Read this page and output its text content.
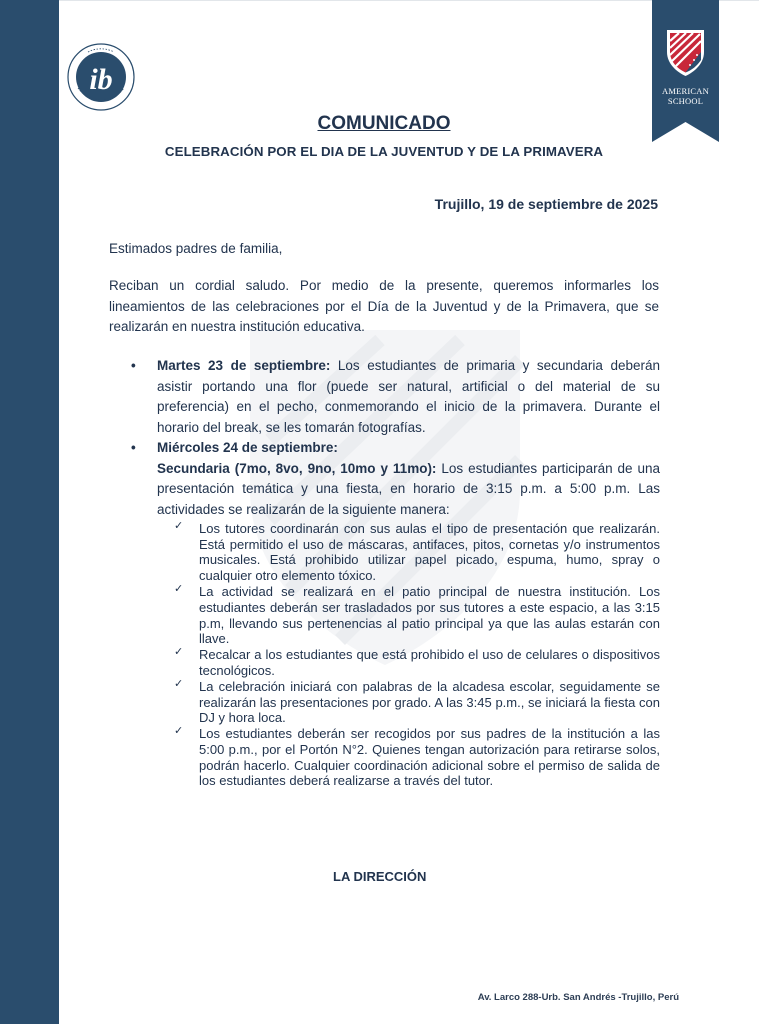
ib	AMERICAN
SCHOOL
COMUNICADO
CELEBRACIÓN POR EL DIA DE LA JUVENTUD Y DE LA PRIMAVERA
Trujillo, 19 de septiembre de 2025
Estimados padres de familia,
Reciban un cordial saludo. Por medio de la presente, queremos informarles los lineamientos de las celebraciones por el Día de la Juventud y de la Primavera, que se realizarán en nuestra institución educativa.
• Martes 23 de septiembre: Los estudiantes de primaria y secundaria deberán asistir portando una flor (puede ser natural, artificial o del material de su preferencia) en el pecho, conmemorando el inicio de la primavera. Durante el horario del break, se les tomarán fotografías.
• Miércoles 24 de septiembre:
Secundaria (7mo, 8vo, 9no, 10mo y 11mo): Los estudiantes participarán de una presentación temática y una fiesta, en horario de 3:15 p.m. a 5:00 p.m. Las actividades se realizarán de la siguiente manera:
✓ Los tutores coordinarán con sus aulas el tipo de presentación que realizarán. Está permitido el uso de máscaras, antifaces, pitos, cornetas y/o instrumentos musicales. Está prohibido utilizar papel picado, espuma, humo, spray o cualquier otro elemento tóxico.
✓ La actividad se realizará en el patio principal de nuestra institución. Los estudiantes deberán ser trasladados por sus tutores a este espacio, a las 3:15 p.m, llevando sus pertenencias al patio principal ya que las aulas estarán con llave.
✓ Recalcar a los estudiantes que está prohibido el uso de celulares o dispositivos tecnológicos.
✓ La celebración iniciará con palabras de la alcadesa escolar, seguidamente se realizarán las presentaciones por grado. A las 3:45 p.m., se iniciará la fiesta con DJ y hora loca.
✓ Los estudiantes deberán ser recogidos por sus padres de la institución a las 5:00 p.m., por el Portón N°2. Quienes tengan autorización para retirarse solos, podrán hacerlo. Cualquier coordinación adicional sobre el permiso de salida de los estudiantes deberá realizarse a través del tutor.
LA DIRECCIÓN
Av. Larco 288-Urb. San Andrés -Trujillo, Perú
